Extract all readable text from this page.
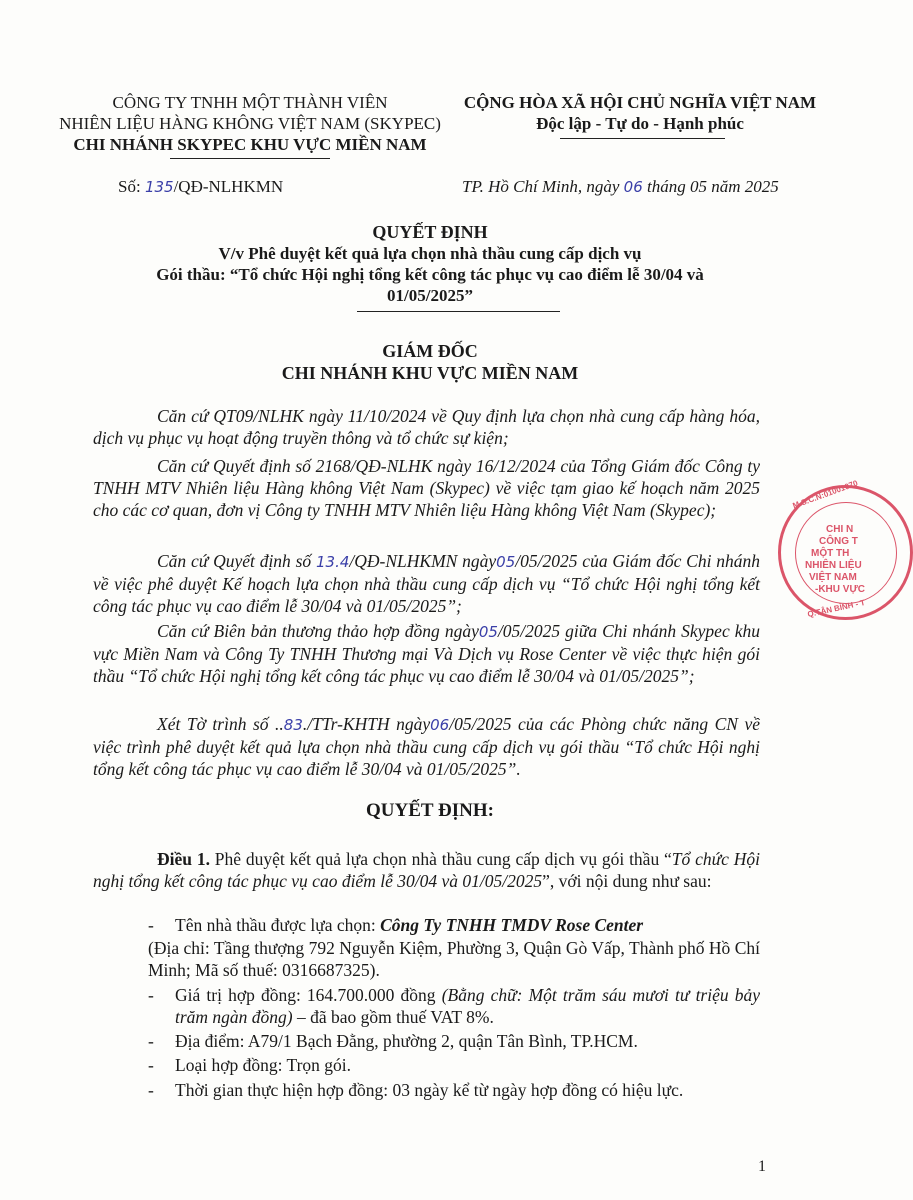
CÔNG TY TNHH MỘT THÀNH VIÊN
NHIÊN LIỆU HÀNG KHÔNG VIỆT NAM (SKYPEC)
CHI NHÁNH SKYPEC KHU VỰC MIỀN NAM
CỘNG HÒA XÃ HỘI CHỦ NGHĨA VIỆT NAM
Độc lập - Tự do - Hạnh phúc
Số: 135/QĐ-NLHKMN	TP. Hồ Chí Minh, ngày 06 tháng 05 năm 2025
QUYẾT ĐỊNH
V/v Phê duyệt kết quả lựa chọn nhà thầu cung cấp dịch vụ
Gói thầu: “Tổ chức Hội nghị tổng kết công tác phục vụ cao điểm lễ 30/04 và
01/05/2025”
GIÁM ĐỐC
CHI NHÁNH KHU VỰC MIỀN NAM
Căn cứ QT09/NLHK ngày 11/10/2024 về Quy định lựa chọn nhà cung cấp hàng hóa, dịch vụ phục vụ hoạt động truyền thông và tổ chức sự kiện;
Căn cứ Quyết định số 2168/QĐ-NLHK ngày 16/12/2024 của Tổng Giám đốc Công ty TNHH MTV Nhiên liệu Hàng không Việt Nam (Skypec) về việc tạm giao kế hoạch năm 2025 cho các cơ quan, đơn vị Công ty TNHH MTV Nhiên liệu Hàng không Việt Nam (Skypec);
Căn cứ Quyết định số 13.4/QĐ-NLHKMN ngày05/05/2025 của Giám đốc Chi nhánh về việc phê duyệt Kế hoạch lựa chọn nhà thầu cung cấp dịch vụ “Tổ chức Hội nghị tổng kết công tác phục vụ cao điểm lễ 30/04 và 01/05/2025”;
Căn cứ Biên bản thương thảo hợp đồng ngày05/05/2025 giữa Chi nhánh Skypec khu vực Miền Nam và Công Ty TNHH Thương mại Và Dịch vụ Rose Center về việc thực hiện gói thầu “Tổ chức Hội nghị tổng kết công tác phục vụ cao điểm lễ 30/04 và 01/05/2025”;
Xét Tờ trình số ..83./TTr-KHTH ngày06/05/2025 của các Phòng chức năng CN về việc trình phê duyệt kết quả lựa chọn nhà thầu cung cấp dịch vụ gói thầu “Tổ chức Hội nghị tổng kết công tác phục vụ cao điểm lễ 30/04 và 01/05/2025”.
QUYẾT ĐỊNH:
Điều 1. Phê duyệt kết quả lựa chọn nhà thầu cung cấp dịch vụ gói thầu “Tổ chức Hội nghị tổng kết công tác phục vụ cao điểm lễ 30/04 và 01/05/2025”, với nội dung như sau:
- Tên nhà thầu được lựa chọn: Công Ty TNHH TMDV Rose Center
(Địa chỉ: Tầng thượng 792 Nguyễn Kiệm, Phường 3, Quận Gò Vấp, Thành phố Hồ Chí Minh; Mã số thuế: 0316687325).
- Giá trị hợp đồng: 164.700.000 đồng (Bằng chữ: Một trăm sáu mươi tư triệu bảy trăm ngàn đồng) – đã bao gồm thuế VAT 8%.
- Địa điểm: A79/1 Bạch Đằng, phường 2, quận Tân Bình, TP.HCM.
- Loại hợp đồng: Trọn gói.
- Thời gian thực hiện hợp đồng: 03 ngày kể từ ngày hợp đồng có hiệu lực.
1
M.S.C.N:01001070
CHI N
CÔNG T
MỘT TH
NHIÊN LIỆU
VIỆT NAM
-KHU VỰC
Q.TÂN BÌNH - T
